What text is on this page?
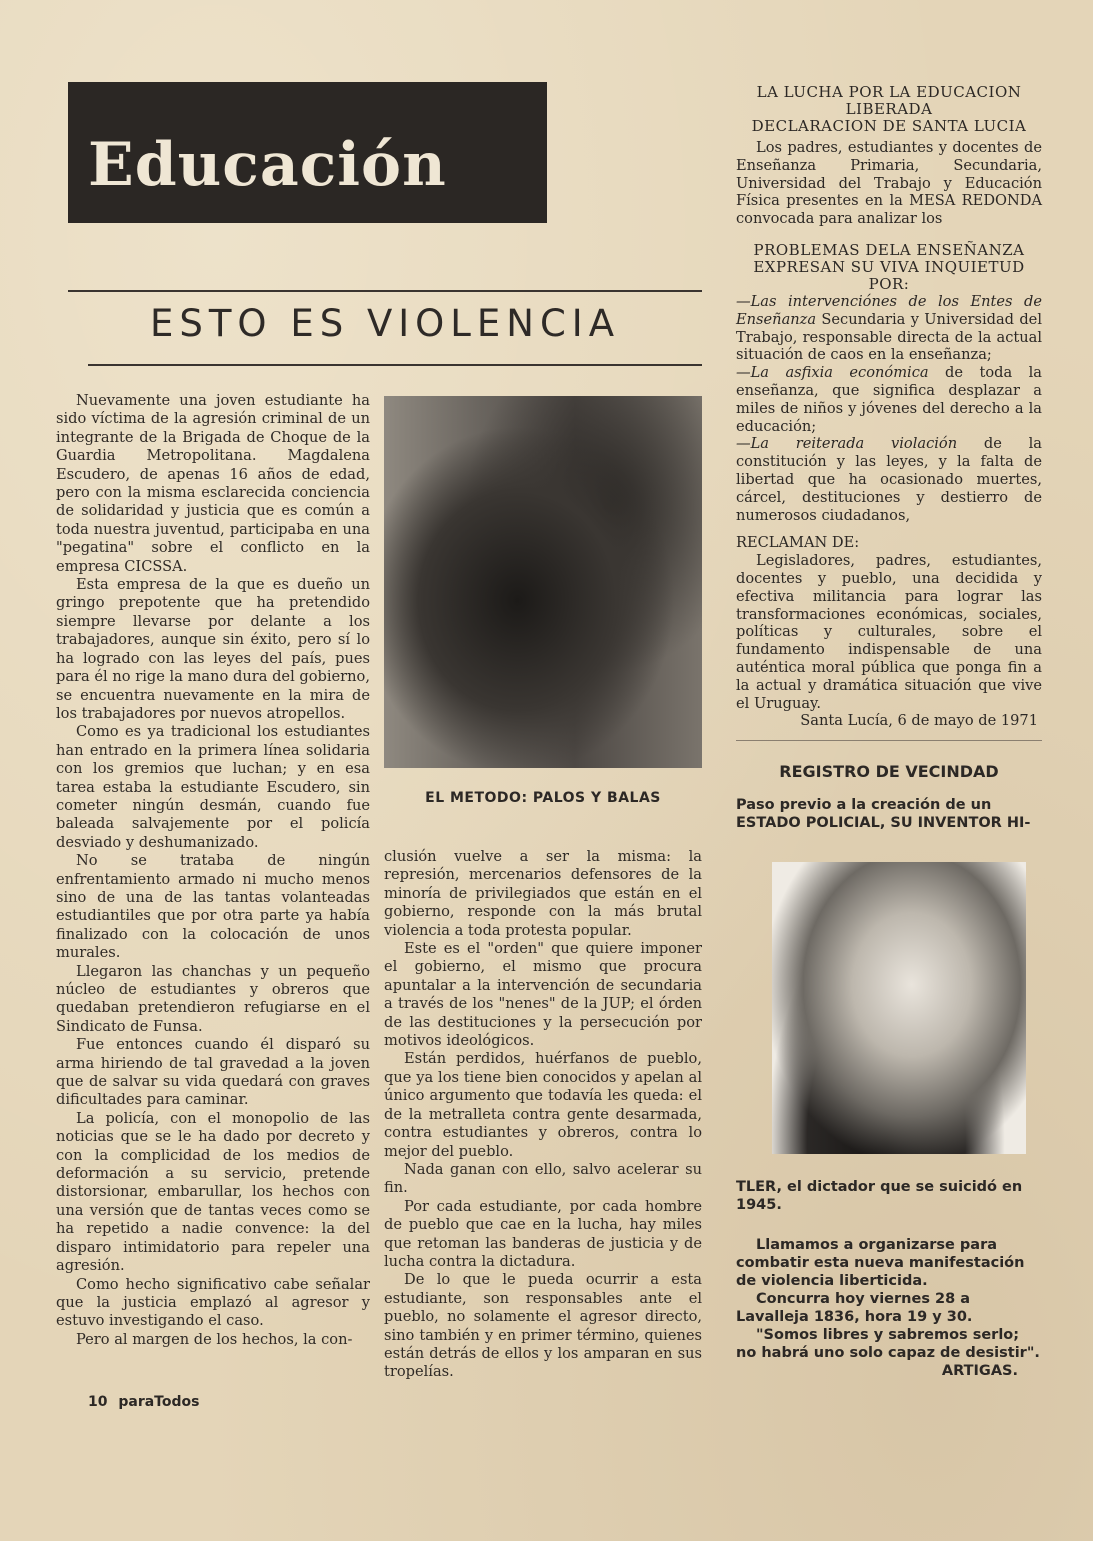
Educación
ESTO ES VIOLENCIA

Nuevamente una joven estudiante ha sido víctima de la agresión criminal de un integrante de la Brigada de Choque de la Guardia Metropolitana. Magdalena Escudero, de apenas 16 años de edad, pero con la misma esclarecida conciencia de solidaridad y justicia que es común a toda nuestra juventud, participaba en una "pegatina" sobre el conflicto en la empresa CICSSA.

Esta empresa de la que es dueño un gringo prepotente que ha pretendido siempre llevarse por delante a los trabajadores, aunque sin éxito, pero sí lo ha logrado con las leyes del país, pues para él no rige la mano dura del gobierno, se encuentra nuevamente en la mira de los trabajadores por nuevos atropellos.

Como es ya tradicional los estudiantes han entrado en la primera línea solidaria con los gremios que luchan; y en esa tarea estaba la estudiante Escudero, sin cometer ningún desmán, cuando fue baleada salvajemente por el policía desviado y deshumanizado.

No se trataba de ningún enfrentamiento armado ni mucho menos sino de una de las tantas volanteadas estudiantiles que por otra parte ya había finalizado con la colocación de unos murales.

Llegaron las chanchas y un pequeño núcleo de estudiantes y obreros que quedaban pretendieron refugiarse en el Sindicato de Funsa.

Fue entonces cuando él disparó su arma hiriendo de tal gravedad a la joven que de salvar su vida quedará con graves dificultades para caminar.

La policía, con el monopolio de las noticias que se le ha dado por decreto y con la complicidad de los medios de deformación a su servicio, pretende distorsionar, embarullar, los hechos con una versión que de tantas veces como se ha repetido a nadie convence: la del disparo intimidatorio para repeler una agresión.

Como hecho significativo cabe señalar que la justicia emplazó al agresor y estuvo investigando el caso.

Pero al margen de los hechos, la con-

EL METODO: PALOS Y BALAS

clusión vuelve a ser la misma: la represión, mercenarios defensores de la minoría de privilegiados que están en el gobierno, responde con la más brutal violencia a toda protesta popular.

Este es el "orden" que quiere imponer el gobierno, el mismo que procura apuntalar a la intervención de secundaria a través de los "nenes" de la JUP; el órden de las destituciones y la persecución por motivos ideológicos.

Están perdidos, huérfanos de pueblo, que ya los tiene bien conocidos y apelan al único argumento que todavía les queda: el de la metralleta contra gente desarmada, contra estudiantes y obreros, contra lo mejor del pueblo.

Nada ganan con ello, salvo acelerar su fin.

Por cada estudiante, por cada hombre de pueblo que cae en la lucha, hay miles que retoman las banderas de justicia y de lucha contra la dictadura.

De lo que le pueda ocurrir a esta estudiante, son responsables ante el pueblo, no solamente el agresor directo, sino también y en primer término, quienes están detrás de ellos y los amparan en sus tropelías.

LA LUCHA POR LA EDUCACION
LIBERADA
DECLARACION DE SANTA LUCIA

Los padres, estudiantes y docentes de Enseñanza Primaria, Secundaria, Universidad del Trabajo y Educación Física presentes en la MESA REDONDA convocada para analizar los

PROBLEMAS DELA ENSEÑANZA
EXPRESAN SU VIVA INQUIETUD
POR:

—Las intervenciónes de los Entes de Enseñanza Secundaria y Universidad del Trabajo, responsable directa de la actual situación de caos en la enseñanza;

—La asfixia económica de toda la enseñanza, que significa desplazar a miles de niños y jóvenes del derecho a la educación;

—La reiterada violación de la constitución y las leyes, y la falta de libertad que ha ocasionado muertes, cárcel, destituciones y destierro de numerosos ciudadanos,

RECLAMAN DE:

Legisladores, padres, estudiantes, docentes y pueblo, una decidida y efectiva militancia para lograr las transformaciones económicas, sociales, políticas y culturales, sobre el fundamento indispensable de una auténtica moral pública que ponga fin a la actual y dramática situación que vive el Uruguay.

Santa Lucía, 6 de mayo de 1971

REGISTRO DE VECINDAD
Paso previo a la creación de un ESTADO POLICIAL, SU INVENTOR HI-
TLER, el dictador que se suicidó en 1945.
Llamamos a organizarse para combatir esta nueva manifestación de violencia liberticida.
Concurra hoy viernes 28 a Lavalleja 1836, hora 19 y 30.
"Somos libres y sabremos serlo; no habrá uno solo capaz de desistir".
ARTIGAS.
10 paraTodos
